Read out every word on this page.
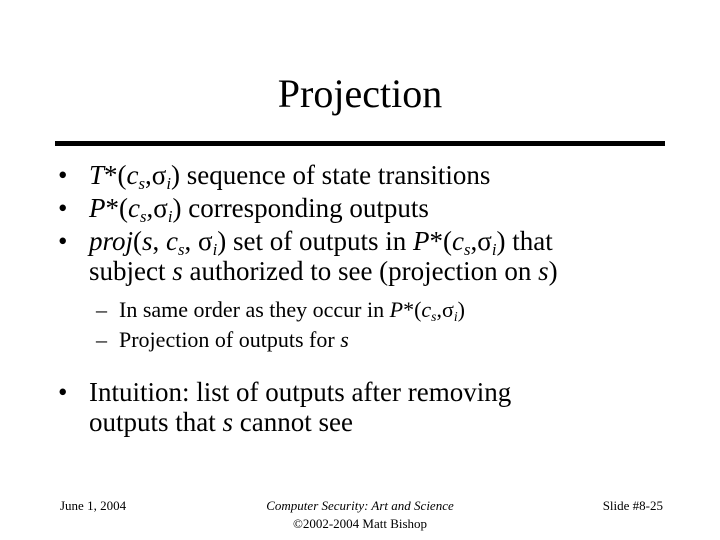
Projection
• $T*(c_s,\sigma_i)$ sequence of state transitions
• $P*(c_s,\sigma_i)$ corresponding outputs
• proj(s, $c_s$, $\sigma_i$) set of outputs in $P*(c_s,\sigma_i)$ that
subject s authorized to see (projection on s)
– In same order as they occur in $P*(c_s,\sigma_i)$
– Projection of outputs for s
• Intuition: list of outputs after removing
outputs that s cannot see
June 1, 2004	Computer Security: Art and Science
©2002-2004 Matt Bishop
Slide #8-25
